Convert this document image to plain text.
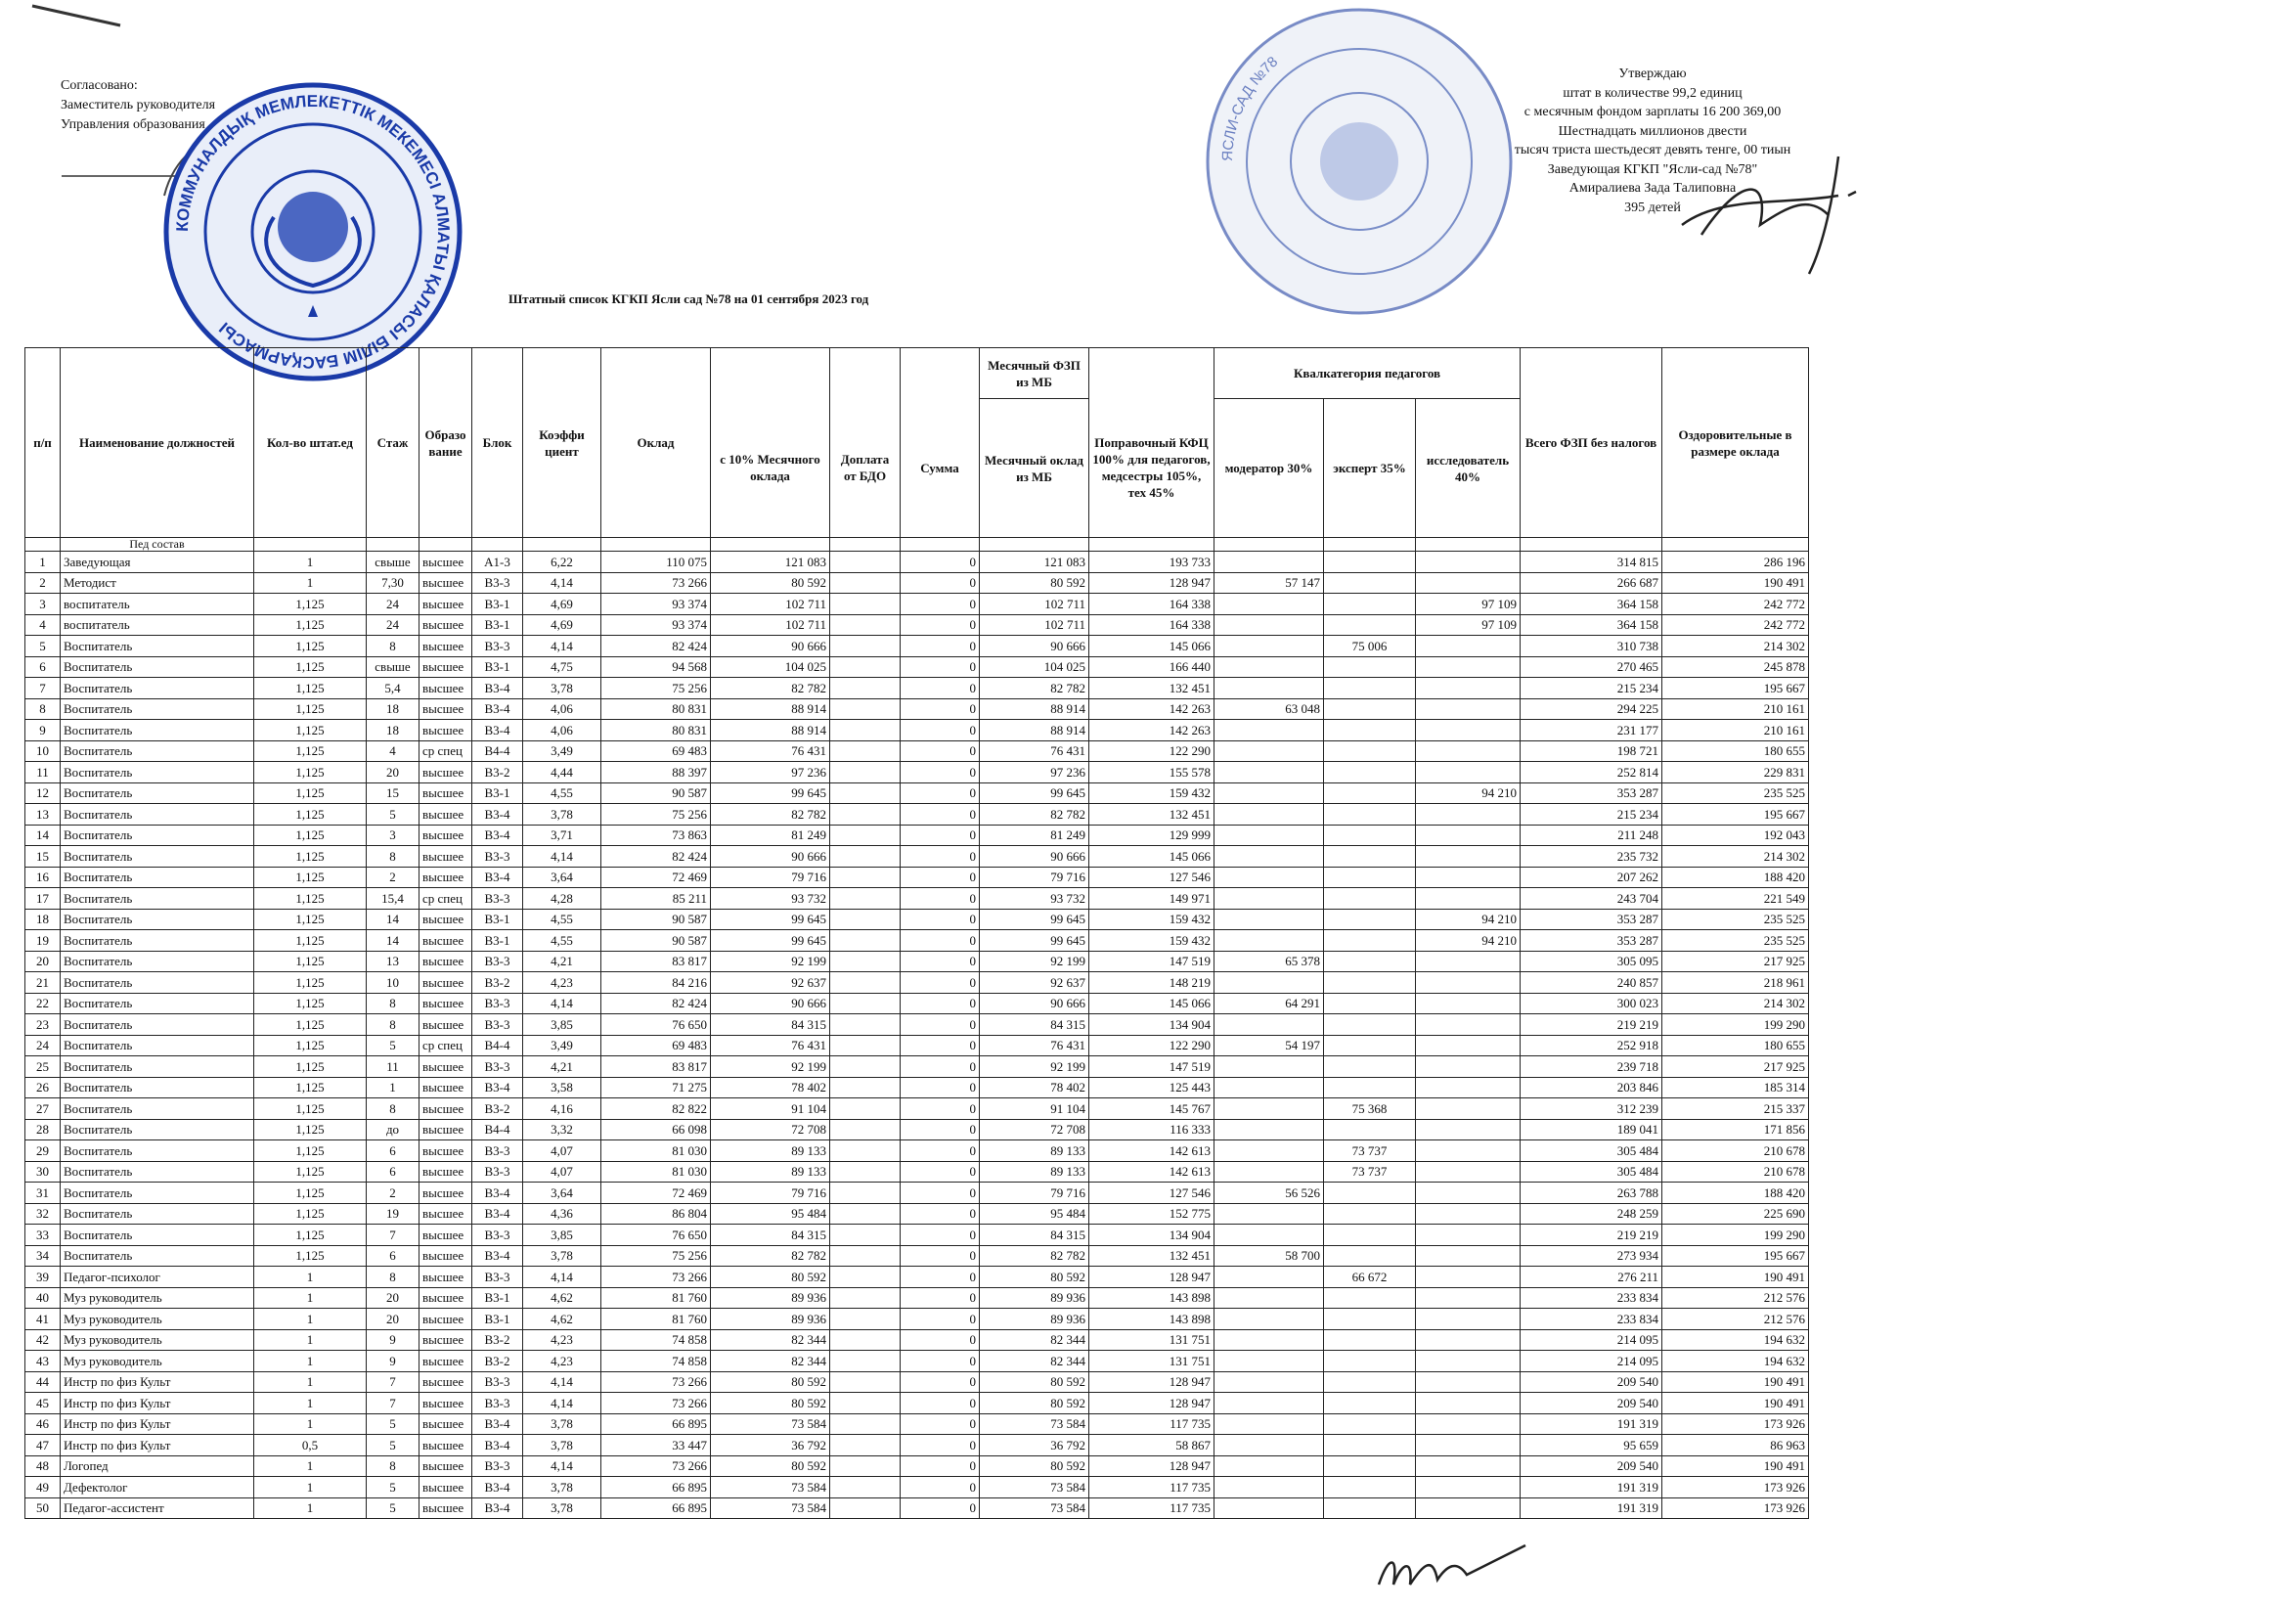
Согласовано:
Заместитель руководителя
Управления образования
КОММУНАЛДЫҚ МЕМЛЕКЕТТІК МЕКЕМЕСІ АЛМАТЫ ҚАЛАСЫ БІЛІМ БАСҚАРМАСЫ
ЯСЛИ-САД №78
Утверждаю
штат в количестве 99,2 единиц
с месячным фондом зарплаты 16 200 369,00
Шестнадцать миллионов двести
тысяч триста шестьдесят девять тенге, 00 тиын
Заведующая КГКП "Ясли-сад №78"
Амиралиева Зада Талиповна
395 детей
Штатный список КГКП Ясли сад №78 на 01 сентября 2023 год
п/п	Наименование должностей	Кол-во штат.ед	Стаж	Образо вание	Блок	Коэффи циент	Оклад				Месячный ФЗП из МБ		Квалкатегория педагогов			Всего ФЗП без налогов	Оздоровительные в размере оклада
								с 10% Месячного оклада	Доплата от БДО	Сумма	Месячный оклад из МБ	Поправочный КФЦ 100% для педагогов, медсестры 105%, тех 45%	модератор 30%	эксперт 35%	исследователь 40%		
	Пед состав																
1	Заведующая	1	свыше	высшее	А1-3	6,22	110 075	121 083		0	121 083	193 733				314 815	286 196
2	Методист	1	7,30	высшее	В3-3	4,14	73 266	80 592		0	80 592	128 947	57 147			266 687	190 491
3	воспитатель	1,125	24	высшее	В3-1	4,69	93 374	102 711		0	102 711	164 338			97 109	364 158	242 772
4	воспитатель	1,125	24	высшее	В3-1	4,69	93 374	102 711		0	102 711	164 338			97 109	364 158	242 772
5	Воспитатель	1,125	8	высшее	В3-3	4,14	82 424	90 666		0	90 666	145 066		75 006		310 738	214 302
6	Воспитатель	1,125	свыше	высшее	В3-1	4,75	94 568	104 025		0	104 025	166 440				270 465	245 878
7	Воспитатель	1,125	5,4	высшее	В3-4	3,78	75 256	82 782		0	82 782	132 451				215 234	195 667
8	Воспитатель	1,125	18	высшее	В3-4	4,06	80 831	88 914		0	88 914	142 263	63 048			294 225	210 161
9	Воспитатель	1,125	18	высшее	В3-4	4,06	80 831	88 914		0	88 914	142 263				231 177	210 161
10	Воспитатель	1,125	4	ср спец	В4-4	3,49	69 483	76 431		0	76 431	122 290				198 721	180 655
11	Воспитатель	1,125	20	высшее	В3-2	4,44	88 397	97 236		0	97 236	155 578				252 814	229 831
12	Воспитатель	1,125	15	высшее	В3-1	4,55	90 587	99 645		0	99 645	159 432			94 210	353 287	235 525
13	Воспитатель	1,125	5	высшее	В3-4	3,78	75 256	82 782		0	82 782	132 451				215 234	195 667
14	Воспитатель	1,125	3	высшее	В3-4	3,71	73 863	81 249		0	81 249	129 999				211 248	192 043
15	Воспитатель	1,125	8	высшее	В3-3	4,14	82 424	90 666		0	90 666	145 066				235 732	214 302
16	Воспитатель	1,125	2	высшее	В3-4	3,64	72 469	79 716		0	79 716	127 546				207 262	188 420
17	Воспитатель	1,125	15,4	ср спец	В3-3	4,28	85 211	93 732		0	93 732	149 971				243 704	221 549
18	Воспитатель	1,125	14	высшее	В3-1	4,55	90 587	99 645		0	99 645	159 432			94 210	353 287	235 525
19	Воспитатель	1,125	14	высшее	В3-1	4,55	90 587	99 645		0	99 645	159 432			94 210	353 287	235 525
20	Воспитатель	1,125	13	высшее	В3-3	4,21	83 817	92 199		0	92 199	147 519	65 378			305 095	217 925
21	Воспитатель	1,125	10	высшее	В3-2	4,23	84 216	92 637		0	92 637	148 219				240 857	218 961
22	Воспитатель	1,125	8	высшее	В3-3	4,14	82 424	90 666		0	90 666	145 066	64 291			300 023	214 302
23	Воспитатель	1,125	8	высшее	В3-3	3,85	76 650	84 315		0	84 315	134 904				219 219	199 290
24	Воспитатель	1,125	5	ср спец	В4-4	3,49	69 483	76 431		0	76 431	122 290	54 197			252 918	180 655
25	Воспитатель	1,125	11	высшее	В3-3	4,21	83 817	92 199		0	92 199	147 519				239 718	217 925
26	Воспитатель	1,125	1	высшее	В3-4	3,58	71 275	78 402		0	78 402	125 443				203 846	185 314
27	Воспитатель	1,125	8	высшее	В3-2	4,16	82 822	91 104		0	91 104	145 767		75 368		312 239	215 337
28	Воспитатель	1,125	до	высшее	В4-4	3,32	66 098	72 708		0	72 708	116 333				189 041	171 856
29	Воспитатель	1,125	6	высшее	В3-3	4,07	81 030	89 133		0	89 133	142 613		73 737		305 484	210 678
30	Воспитатель	1,125	6	высшее	В3-3	4,07	81 030	89 133		0	89 133	142 613		73 737		305 484	210 678
31	Воспитатель	1,125	2	высшее	В3-4	3,64	72 469	79 716		0	79 716	127 546	56 526			263 788	188 420
32	Воспитатель	1,125	19	высшее	В3-4	4,36	86 804	95 484		0	95 484	152 775				248 259	225 690
33	Воспитатель	1,125	7	высшее	В3-3	3,85	76 650	84 315		0	84 315	134 904				219 219	199 290
34	Воспитатель	1,125	6	высшее	В3-4	3,78	75 256	82 782		0	82 782	132 451	58 700			273 934	195 667
39	Педагог-психолог	1	8	высшее	В3-3	4,14	73 266	80 592		0	80 592	128 947		66 672		276 211	190 491
40	Муз руководитель	1	20	высшее	В3-1	4,62	81 760	89 936		0	89 936	143 898				233 834	212 576
41	Муз руководитель	1	20	высшее	В3-1	4,62	81 760	89 936		0	89 936	143 898				233 834	212 576
42	Муз руководитель	1	9	высшее	В3-2	4,23	74 858	82 344		0	82 344	131 751				214 095	194 632
43	Муз руководитель	1	9	высшее	В3-2	4,23	74 858	82 344		0	82 344	131 751				214 095	194 632
44	Инстр по физ Культ	1	7	высшее	В3-3	4,14	73 266	80 592		0	80 592	128 947				209 540	190 491
45	Инстр по физ Культ	1	7	высшее	В3-3	4,14	73 266	80 592		0	80 592	128 947				209 540	190 491
46	Инстр по физ Культ	1	5	высшее	В3-4	3,78	66 895	73 584		0	73 584	117 735				191 319	173 926
47	Инстр по физ Культ	0,5	5	высшее	В3-4	3,78	33 447	36 792		0	36 792	58 867				95 659	86 963
48	Логопед	1	8	высшее	В3-3	4,14	73 266	80 592		0	80 592	128 947				209 540	190 491
49	Дефектолог	1	5	высшее	В3-4	3,78	66 895	73 584		0	73 584	117 735				191 319	173 926
50	Педагог-ассистент	1	5	высшее	В3-4	3,78	66 895	73 584		0	73 584	117 735				191 319	173 926
